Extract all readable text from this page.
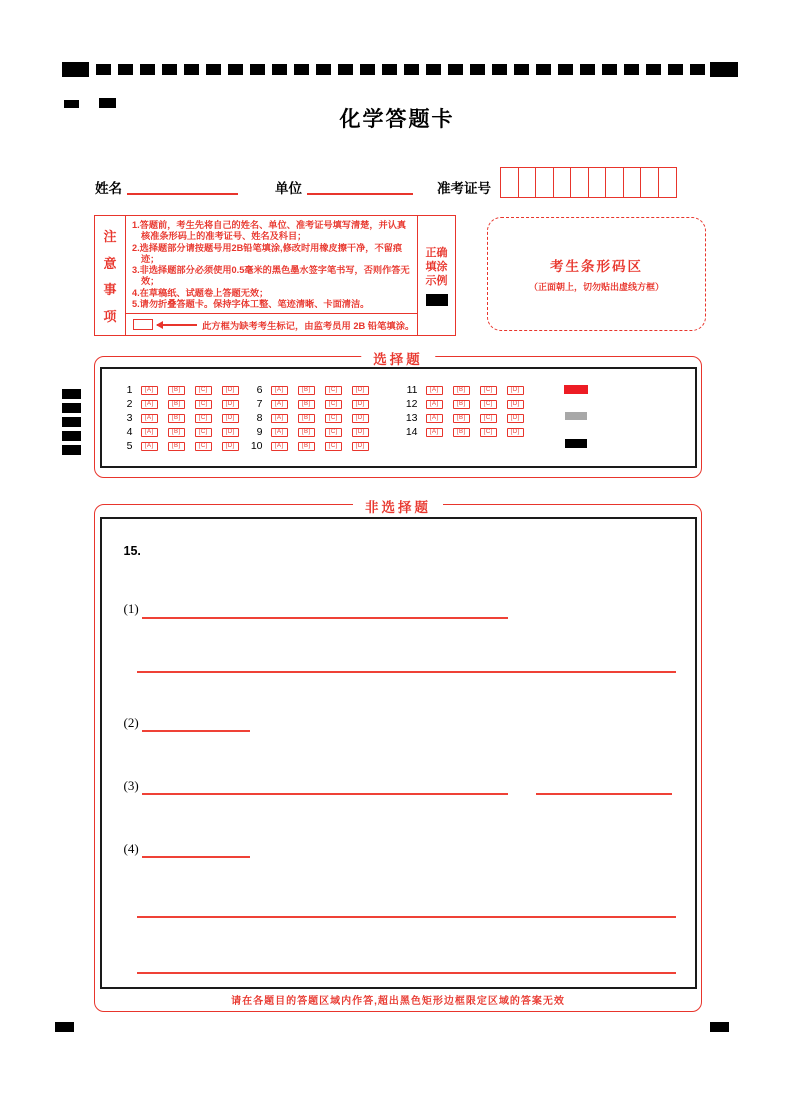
化学答题卡
姓名	单位	准考证号
注
意
事
项
1.答题前，考生先将自己的姓名、单位、准考证号填写清楚，并认真核准条形码上的准考证号、姓名及科目；
2.选择题部分请按题号用2B铅笔填涂,修改时用橡皮擦干净，不留痕迹；
3.非选择题部分必须使用0.5毫米的黑色墨水签字笔书写，否则作答无效；
4.在草稿纸、试题卷上答题无效；
5.请勿折叠答题卡。保持字体工整、笔迹清晰、卡面清洁。
此方框为缺考考生标记，由监考员用 2B 铅笔填涂。
正确
填涂
示例
考生条形码区
（正面朝上，切勿贴出虚线方框）
选择题
1	[ A ]	[ B ]	[ C ]	[ D ]
2	[ A ]	[ B ]	[ C ]	[ D ]
3	[ A ]	[ B ]	[ C ]	[ D ]
4	[ A ]	[ B ]	[ C ]	[ D ]
5	[ A ]	[ B ]	[ C ]	[ D ]
6	[ A ]	[ B ]	[ C ]	[ D ]
7	[ A ]	[ B ]	[ C ]	[ D ]
8	[ A ]	[ B ]	[ C ]	[ D ]
9	[ A ]	[ B ]	[ C ]	[ D ]
10	[ A ]	[ B ]	[ C ]	[ D ]
11	[ A ]	[ B ]	[ C ]	[ D ]
12	[ A ]	[ B ]	[ C ]	[ D ]
13	[ A ]	[ B ]	[ C ]	[ D ]
14	[ A ]	[ B ]	[ C ]	[ D ]
非选择题
15.
(1)
(2)
(3)
(4)
请在各题目的答题区域内作答,超出黑色矩形边框限定区域的答案无效
